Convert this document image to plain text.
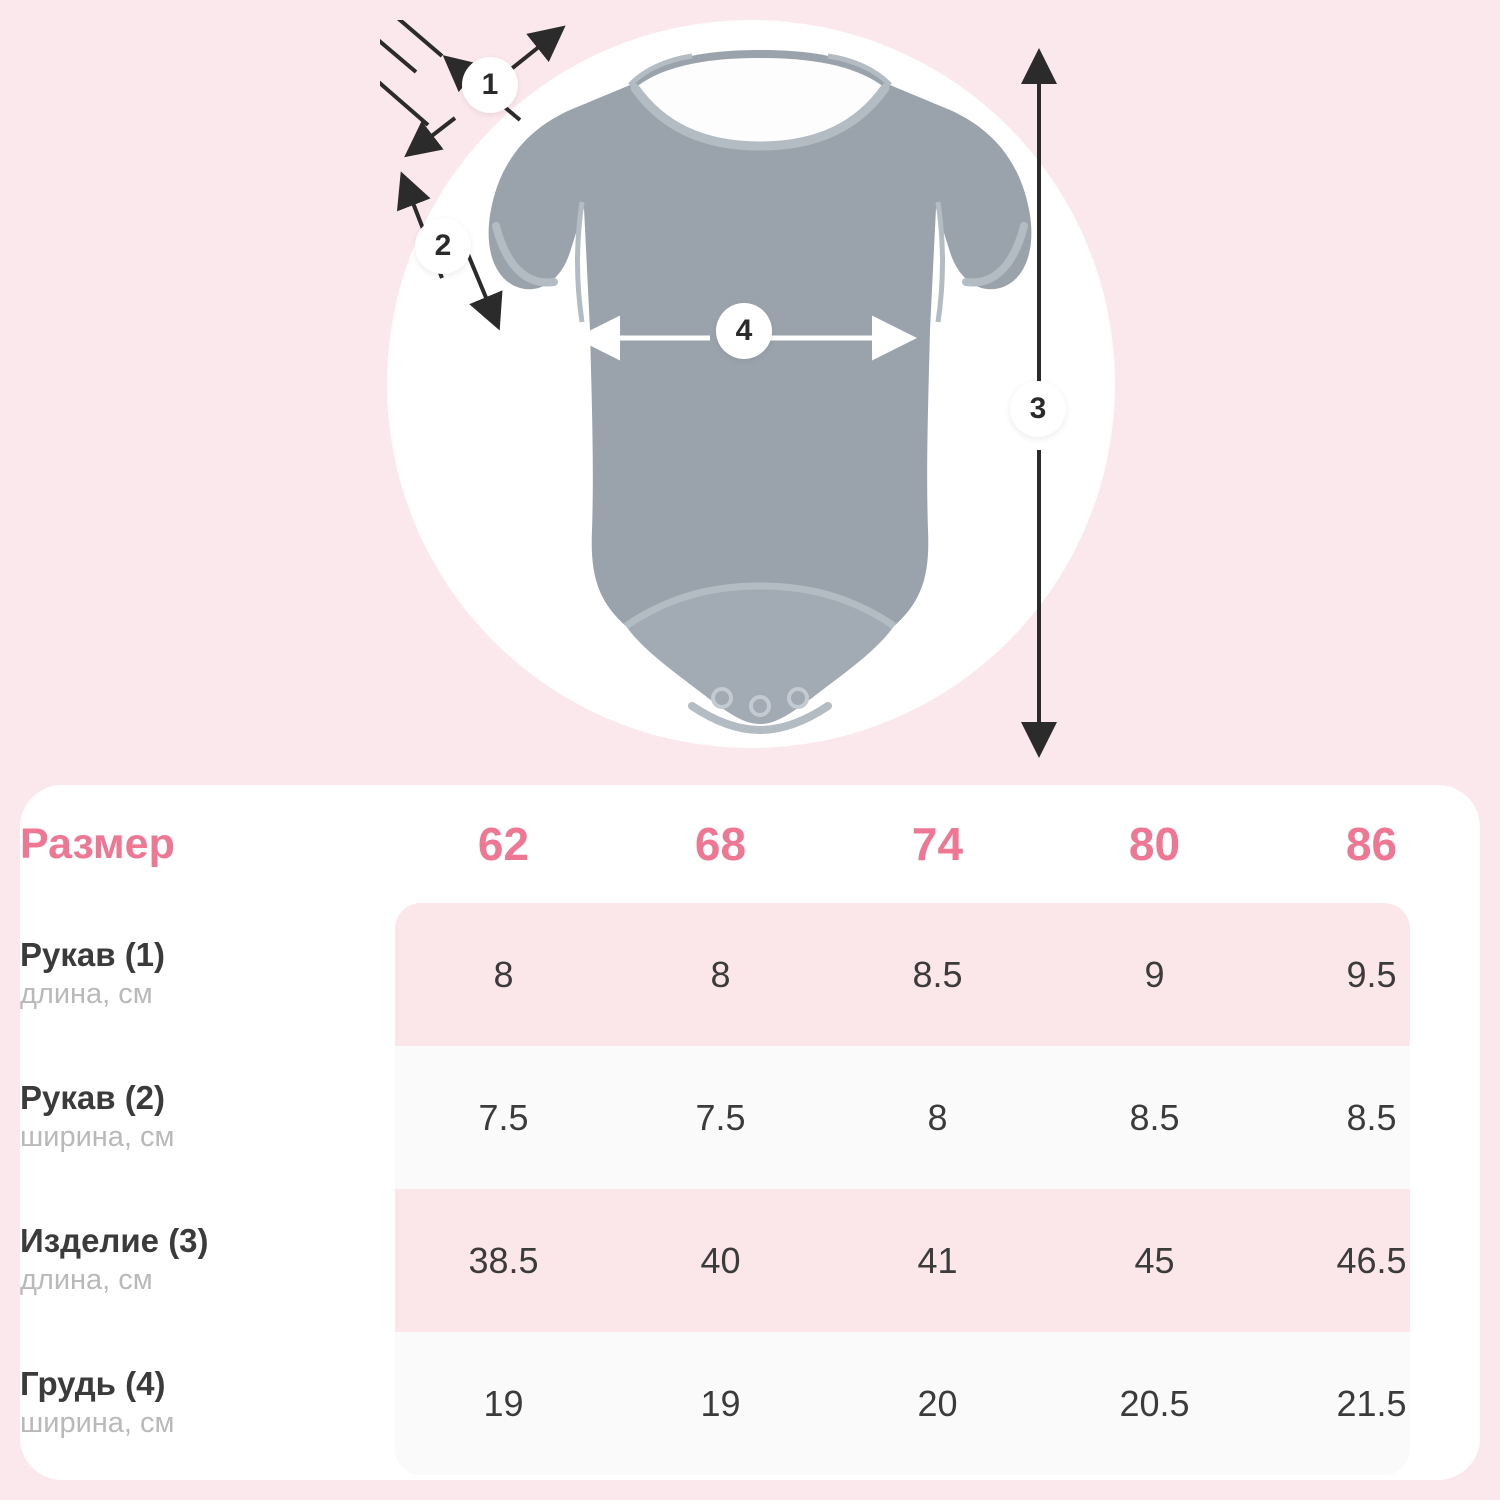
1
2
3
4
Размер	62	68	74	80	86

Рукав (1)
длина, см	8	8	8.5	9	9.5

Рукав (2)
ширина, см	7.5	7.5	8	8.5	8.5

Изделие (3)
длина, см	38.5	40	41	45	46.5

Грудь (4)
ширина, см	19	19	20	20.5	21.5
